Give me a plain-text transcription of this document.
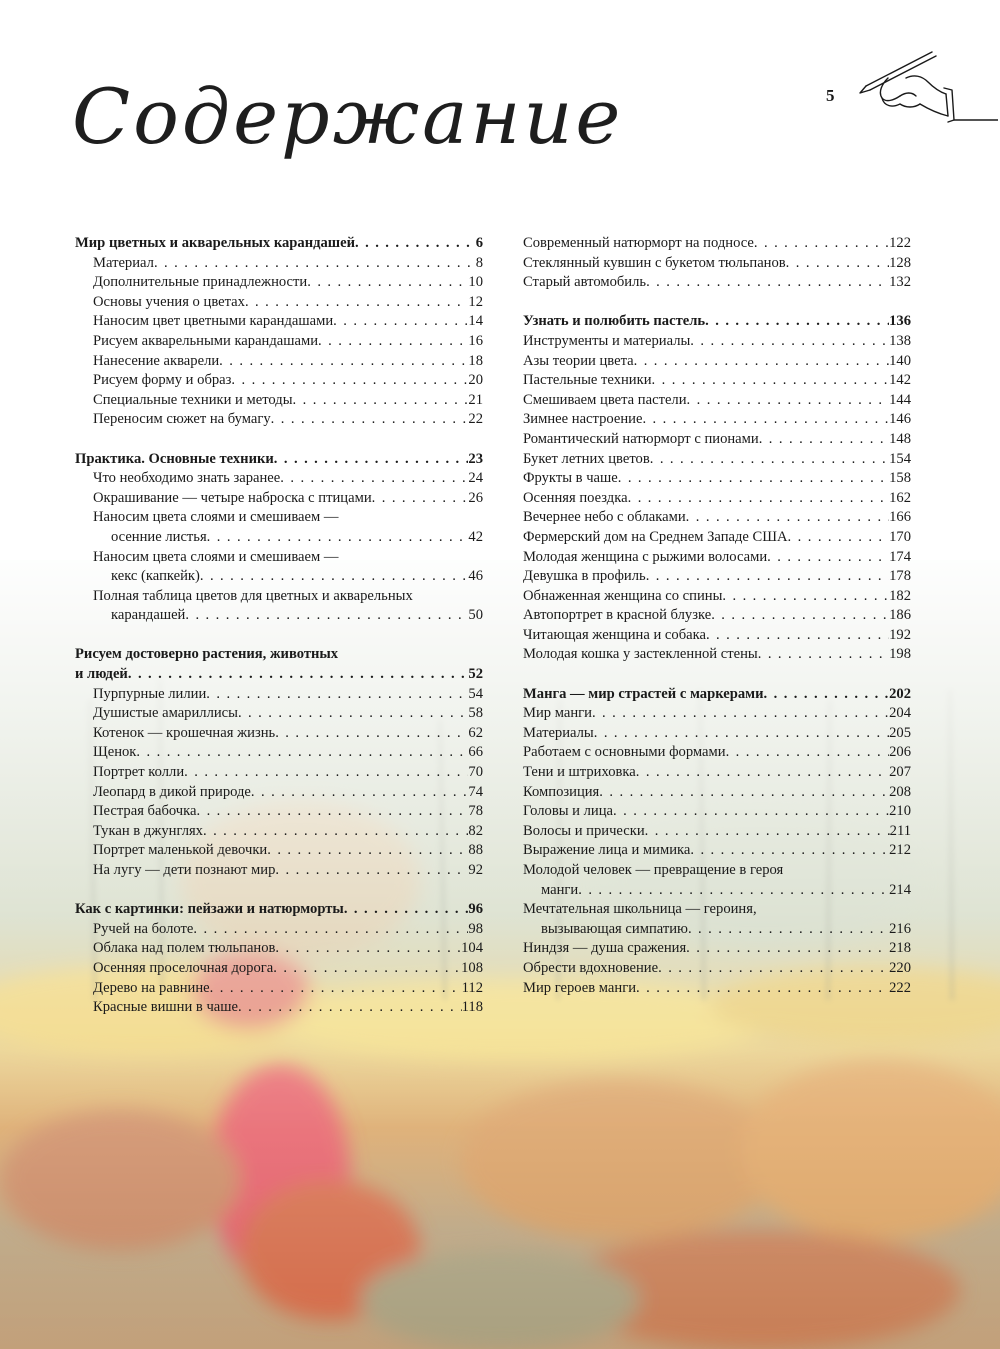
5
Содержание
Мир цветных и акварельных карандашей . . .	6
Материал . . .	8
Дополнительные принадлежности . . .	10
Основы учения о цветах . . .	12
Наносим цвет цветными карандашами . . .	14
Рисуем акварельными карандашами . . .	16
Нанесение акварели . . .	18
Рисуем форму и образ . . .	20
Специальные техники и методы . . .	21
Переносим сюжет на бумагу . . .	22
Практика. Основные техники . . .	23
Что необходимо знать заранее . . .	24
Окрашивание — четыре наброска с птицами . . .	26
Наносим цвета слоями и смешиваем —
осенние листья . . .	42
Наносим цвета слоями и смешиваем —
кекс (капкейк) . . .	46
Полная таблица цветов для цветных и акварельных
карандашей . . .	50
Рисуем достоверно растения, животных
и людей . . .	52
Пурпурные лилии . . .	54
Душистые амариллисы . . .	58
Котенок — крошечная жизнь . . .	62
Щенок . . .	66
Портрет колли . . .	70
Леопард в дикой природе . . .	74
Пестрая бабочка . . .	78
Тукан в джунглях . . .	82
Портрет маленькой девочки . . .	88
На лугу — дети познают мир . . .	92
Как с картинки: пейзажи и натюрморты . . .	96
Ручей на болоте . . .	98
Облака над полем тюльпанов . . .	104
Осенняя проселочная дорога . . .	108
Дерево на равнине . . .	112
Красные вишни в чаше . . .	118
Современный натюрморт на подносе . . .	122
Стеклянный кувшин с букетом тюльпанов . . .	128
Старый автомобиль . . .	132
Узнать и полюбить пастель . . .	136
Инструменты и материалы . . .	138
Азы теории цвета . . .	140
Пастельные техники . . .	142
Смешиваем цвета пастели . . .	144
Зимнее настроение . . .	146
Романтический натюрморт с пионами . . .	148
Букет летних цветов . . .	154
Фрукты в чаше . . .	158
Осенняя поездка . . .	162
Вечернее небо с облаками . . .	166
Фермерский дом на Среднем Западе США . . .	170
Молодая женщина с рыжими волосами . . .	174
Девушка в профиль . . .	178
Обнаженная женщина со спины . . .	182
Автопортрет в красной блузке . . .	186
Читающая женщина и собака . . .	192
Молодая кошка у застекленной стены . . .	198
Манга — мир страстей с маркерами . . .	202
Мир манги . . .	204
Материалы . . .	205
Работаем с основными формами . . .	206
Тени и штриховка . . .	207
Композиция . . .	208
Головы и лица . . .	210
Волосы и прически . . .	211
Выражение лица и мимика . . .	212
Молодой человек — превращение в героя
манги . . .	214
Мечтательная школьница — героиня,
вызывающая симпатию . . .	216
Ниндзя — душа сражения . . .	218
Обрести вдохновение . . .	220
Мир героев манги . . .	222
